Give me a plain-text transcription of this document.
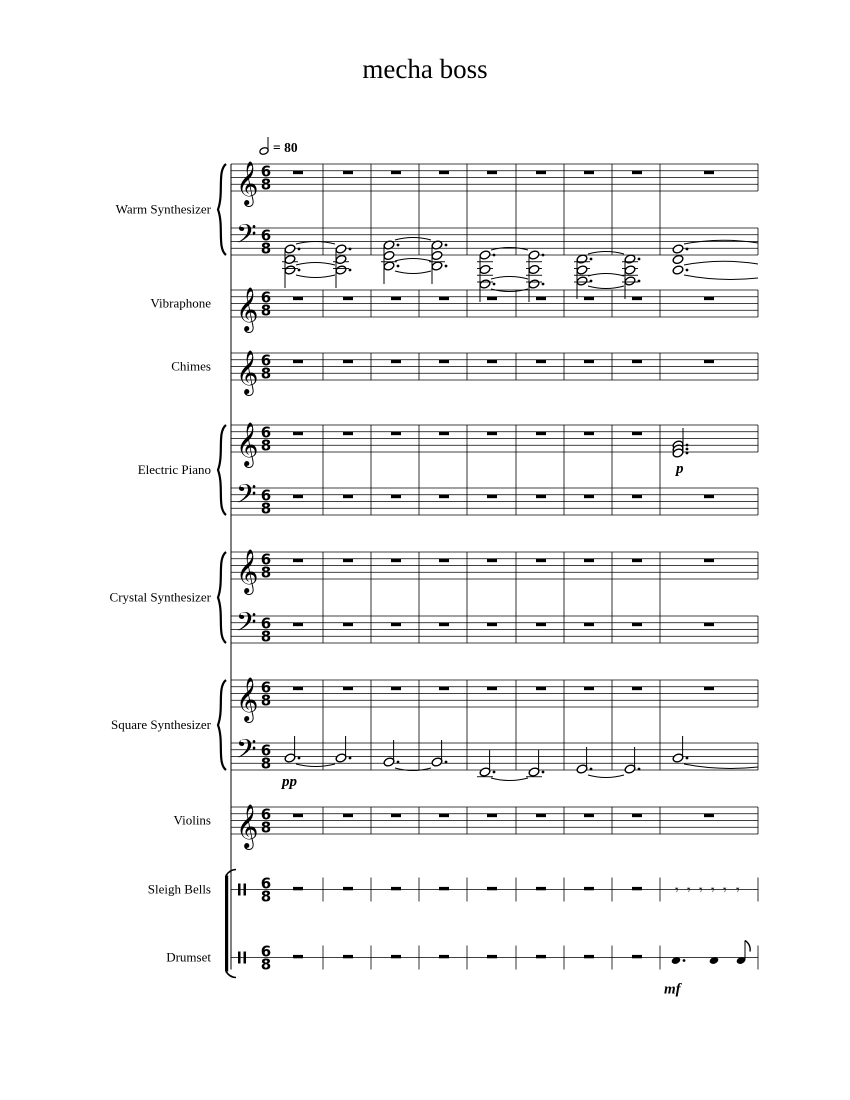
mecha boss
= 80
𝄞 6
8
𝄢 6
8
𝄞 6
8
𝄞 6
8
𝄞 6
8
𝄢 6
8
𝄞 6
8
𝄢 6
8
𝄞 6
8
𝄢 6
8
𝄞 6
8
6
8
6
8
Warm Synthesizer
Vibraphone
Chimes
Electric Piano
Crystal Synthesizer
Square Synthesizer
Violins
Sleigh Bells
Drumset
p
pp
𝄾 𝄾 𝄾 𝄾 𝄾 𝄾
mf
